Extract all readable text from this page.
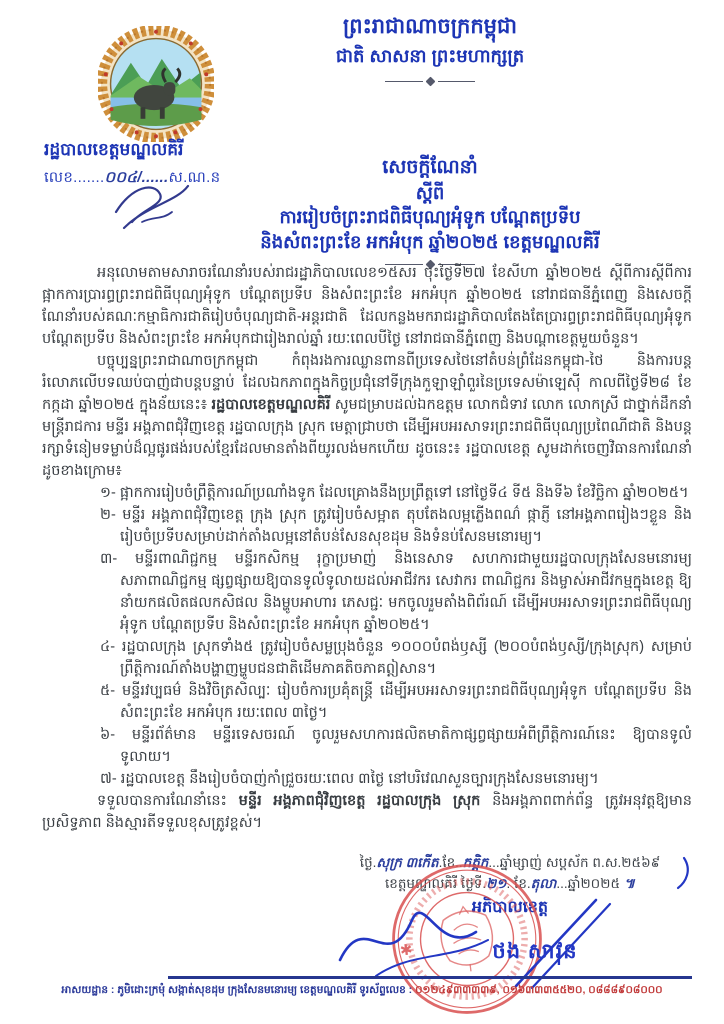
ព្រះរាជាណាចក្រកម្ពុជា
ជាតិ សាសនា ព្រះមហាក្សត្រ
រដ្ឋបាលខេត្តមណ្ឌលគិរី
លេខ.......០០៤/......ស.ណ.ន	សេចក្តីណែនាំ
ស្តីពី
ការរៀបចំព្រះរាជពិធីបុណ្យអុំទូក បណ្តែតប្រទីប
និងសំពះព្រះខែ អកអំបុក ឆ្នាំ២០២៥ ខេត្តមណ្ឌលគិរី

អនុលោមតាមសារាចរណែនាំរបស់រាជរដ្ឋាភិបាលលេខ១៥សរ ចុះថ្ងៃទី២៧ ខែសីហា ឆ្នាំ២០២៥ ស្តីពីការស្តីពីការផ្អាកការប្រារព្ធព្រះរាជពិធីបុណ្យអុំទូក បណ្តែតប្រទីប និងសំពះព្រះខែ អកអំបុក ឆ្នាំ២០២៥ នៅរាជធានីភ្នំពេញ និងសេចក្តីណែនាំរបស់គណៈកម្មាធិការជាតិរៀបចំបុណ្យជាតិ-អន្តរជាតិ ដែលកន្លងមករាជរដ្ឋាភិបាលតែងតែប្រារព្ធព្រះរាជពិធីបុណ្យអុំទូក បណ្តែតប្រទីប និងសំពះព្រះខែ អកអំបុកជារៀងរាល់ឆ្នាំ រយៈពេលបីថ្ងៃ នៅរាជធានីភ្នំពេញ និងបណ្តាខេត្តមួយចំនួន។

បច្ចុប្បន្នព្រះរាជាណាចក្រកម្ពុជា កំពុងរងការឈ្លានពានពីប្រទេសថៃនៅតំបន់ព្រំដែនកម្ពុជា-ថៃ និងការបន្តរំលោភលើបទឈប់បាញ់ជាបន្តបន្ទាប់ ដែលឯកភាពក្នុងកិច្ចប្រជុំនៅទីក្រុងកួឡាឡាំពួរនៃប្រទេសម៉ាឡេស៊ី កាលពីថ្ងៃទី២៨ ខែកក្កដា ឆ្នាំ២០២៥ ក្នុងន័យនេះ៖ រដ្ឋបាលខេត្តមណ្ឌលគិរី សូមជម្រាបដល់ឯកឧត្តម លោកជំទាវ លោក លោកស្រី ជាថ្នាក់ដឹកនាំ មន្ត្រីរាជការ មន្ទីរ អង្គភាពជុំវិញខេត្ត រដ្ឋបាលក្រុង ស្រុក មេត្តាជ្រាបថា ដើម្បីអបអរសាទរព្រះរាជពិធីបុណ្យប្រពៃណីជាតិ និងបន្តរក្សាទំនៀមទម្លាប់ដ៏ល្អផូរផង់របស់ខ្មែរដែលមានតាំងពីយូរលង់មកហើយ ដូចនេះ៖ រដ្ឋបាលខេត្ត សូមដាក់ចេញវិធានការណែនាំដូចខាងក្រោម៖

១- ផ្អាកការរៀបចំព្រឹត្តិការណ៍ប្រណាំងទូក ដែលគ្រោងនឹងប្រព្រឹត្តទៅ នៅថ្ងៃទី៤ ទី៥ និងទី៦ ខែវិច្ឆិកា ឆ្នាំ២០២៥។
២- មន្ទីរ អង្គភាពជុំវិញខេត្ត ក្រុង ស្រុក ត្រូវរៀបចំសម្អាត តុបតែងលម្អភ្លើងពណ៌ ផ្កាភ្ញី នៅអង្គភាពរៀងៗខ្លួន និងរៀបចំប្រទីបសម្រាប់ដាក់តាំងលម្អនៅតំបន់សែនសុខដុម និងទំនប់សែនមនោរម្យ។
៣- មន្ទីរពាណិជ្ជកម្ម មន្ទីរកសិកម្ម រុក្ខាប្រមាញ់ និងនេសាទ សហការជាមួយរដ្ឋបាលក្រុងសែនមនោរម្យ សភាពាណិជ្ជកម្ម ផ្សព្វផ្សាយឱ្យបានទូលំទូលាយដល់អាជីវករ សេវាករ ពាណិជ្ជករ និងម្ចាស់អាជីវកម្មក្នុងខេត្ត ឱ្យនាំយកផលិតផលកសិផល និងម្ហូបអាហារ ភេសជ្ជៈ មកចូលរួមតាំងពិព័រណ៍ ដើម្បីអបអរសាទរព្រះរាជពិធីបុណ្យអុំទូក បណ្តែតប្រទីប និងសំពះព្រះខែ អកអំបុក ឆ្នាំ២០២៥។
៤- រដ្ឋបាលក្រុង ស្រុកទាំង៥ ត្រូវរៀបចំសម្លប្រុងចំនួន ១០០០បំពង់ឫស្សី (២០០បំពង់ឫស្សី/ក្រុងស្រុក) សម្រាប់ព្រឹត្តិការណ៍តាំងបង្ហាញម្ហូបជនជាតិដើមភាគតិចភាគឦសាន។
៥- មន្ទីរវប្បធម៌ និងវិចិត្រសិល្បៈ រៀបចំការប្រគុំតន្ត្រី ដើម្បីអបអរសាទរព្រះរាជពិធីបុណ្យអុំទូក បណ្តែតប្រទីប និងសំពះព្រះខែ អកអំបុក រយៈពេល ៣ថ្ងៃ។
៦- មន្ទីរព័ត៌មាន មន្ទីរទេសចរណ៍ ចូលរួមសហការផលិតមាតិកាផ្សព្វផ្សាយអំពីព្រឹត្តិការណ៍នេះ ឱ្យបានទូលំទូលាយ។
៧- រដ្ឋបាលខេត្ត នឹងរៀបចំបាញ់កាំជ្រួចរយៈពេល ៣ថ្ងៃ នៅបរិវេណសួនច្បារក្រុងសែនមនោរម្យ។

ទទួលបានការណែនាំនេះ មន្ទីរ អង្គភាពជុំវិញខេត្ត រដ្ឋបាលក្រុង ស្រុក និងអង្គភាពពាក់ព័ន្ធ ត្រូវអនុវត្តឱ្យមានប្រសិទ្ធភាព និងស្មារតីទទួលខុសត្រូវខ្ពស់។

ថ្ងៃ.សុក្រ ៣កើត.ខែ..កត្តិក...ឆ្នាំម្សាញ់ សប្តស័ក ព.ស.២៥៦៩
ខេត្តមណ្ឌលគិរី ថ្ងៃទី.២១. ខែ.តុលា...ឆ្នាំ២០២៥ ៕
អភិបាលខេត្ត
✱	ថង សាវុន
អាសយដ្ឋាន : ភូមិដោះក្រមុំ សង្កាត់សុខដុម ក្រុងសែនមនោរម្យ ខេត្តមណ្ឌលគិរី ទូរស័ព្ទលេខ : ០១២៤៩៣៣៣៣៩, ០១៦៣៣៣៥៥២០, ០៨៨៨៩០៨០០០
